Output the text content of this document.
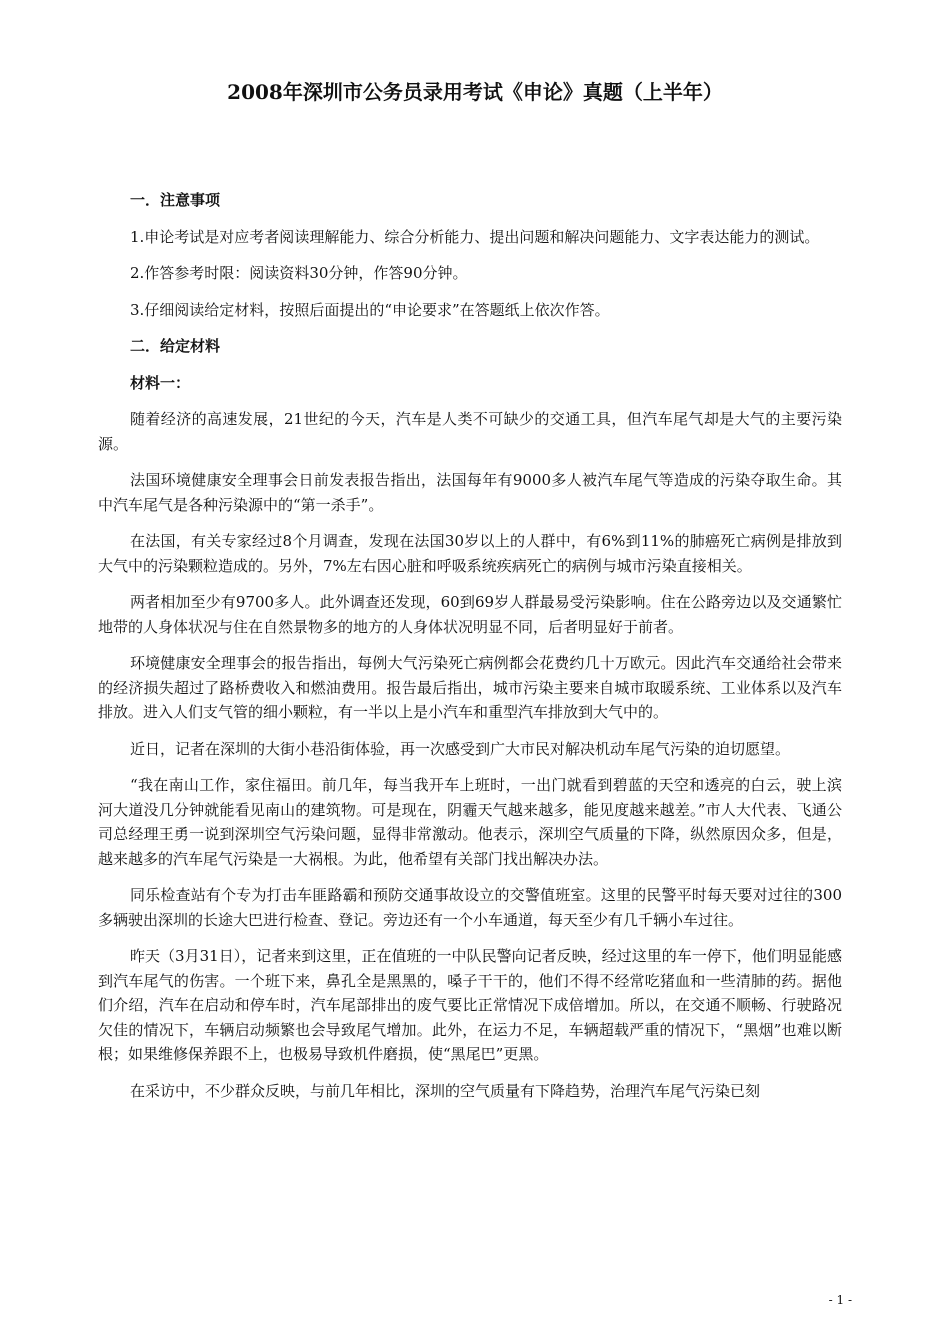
2008年深圳市公务员录用考试《申论》真题（上半年）

一．注意事项

1.申论考试是对应考者阅读理解能力、综合分析能力、提出问题和解决问题能力、文字表达能力的测试。

2.作答参考时限：阅读资料30分钟，作答90分钟。

3.仔细阅读给定材料，按照后面提出的“申论要求”在答题纸上依次作答。

二．给定材料

材料一：

随着经济的高速发展，21世纪的今天，汽车是人类不可缺少的交通工具，但汽车尾气却是大气的主要污染源。

法国环境健康安全理事会日前发表报告指出，法国每年有9000多人被汽车尾气等造成的污染夺取生命。其中汽车尾气是各种污染源中的“第一杀手”。

在法国，有关专家经过8个月调查，发现在法国30岁以上的人群中，有6%到11%的肺癌死亡病例是排放到大气中的污染颗粒造成的。另外，7%左右因心脏和呼吸系统疾病死亡的病例与城市污染直接相关。

两者相加至少有9700多人。此外调查还发现，60到69岁人群最易受污染影响。住在公路旁边以及交通繁忙地带的人身体状况与住在自然景物多的地方的人身体状况明显不同，后者明显好于前者。

环境健康安全理事会的报告指出，每例大气污染死亡病例都会花费约几十万欧元。因此汽车交通给社会带来的经济损失超过了路桥费收入和燃油费用。报告最后指出，城市污染主要来自城市取暖系统、工业体系以及汽车排放。进入人们支气管的细小颗粒，有一半以上是小汽车和重型汽车排放到大气中的。

近日，记者在深圳的大街小巷沿街体验，再一次感受到广大市民对解决机动车尾气污染的迫切愿望。

“我在南山工作，家住福田。前几年，每当我开车上班时，一出门就看到碧蓝的天空和透亮的白云，驶上滨河大道没几分钟就能看见南山的建筑物。可是现在，阴霾天气越来越多，能见度越来越差。”市人大代表、飞通公司总经理王勇一说到深圳空气污染问题，显得非常激动。他表示，深圳空气质量的下降，纵然原因众多，但是，越来越多的汽车尾气污染是一大祸根。为此，他希望有关部门找出解决办法。

同乐检查站有个专为打击车匪路霸和预防交通事故设立的交警值班室。这里的民警平时每天要对过往的300多辆驶出深圳的长途大巴进行检查、登记。旁边还有一个小车通道，每天至少有几千辆小车过往。

昨天（3月31日），记者来到这里，正在值班的一中队民警向记者反映，经过这里的车一停下，他们明显能感到汽车尾气的伤害。一个班下来，鼻孔全是黑黑的，嗓子干干的，他们不得不经常吃猪血和一些清肺的药。据他们介绍，汽车在启动和停车时，汽车尾部排出的废气要比正常情况下成倍增加。所以，在交通不顺畅、行驶路况欠佳的情况下，车辆启动频繁也会导致尾气增加。此外，在运力不足，车辆超载严重的情况下，“黑烟”也难以断根；如果维修保养跟不上，也极易导致机件磨损，使“黑尾巴”更黑。

在采访中，不少群众反映，与前几年相比，深圳的空气质量有下降趋势，治理汽车尾气污染已刻

- 1 -
